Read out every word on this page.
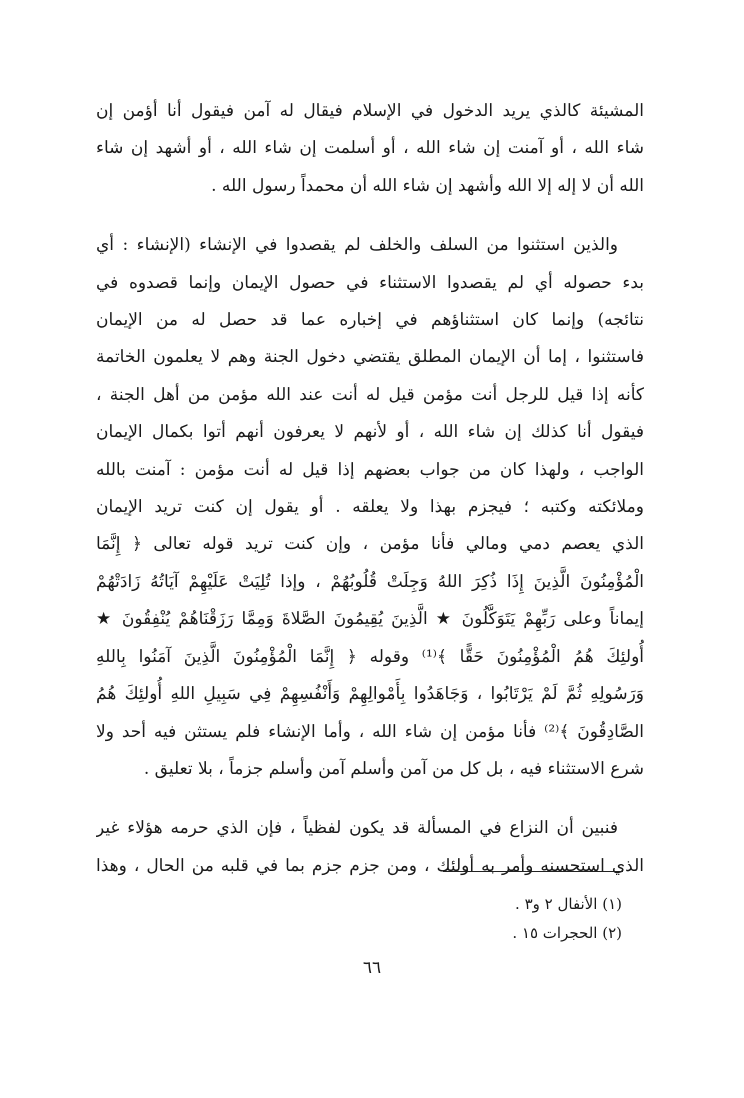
المشيئة كالذي يريد الدخول في الإسلام فيقال له آمن فيقول أنا أؤمن إن
شاء الله ، أو آمنت إن شاء الله ، أو أسلمت إن شاء الله ، أو أشهد إن شاء
الله أن لا إله إلا الله وأشهد إن شاء الله أن محمداً رسول الله .
والذين استثنوا من السلف والخلف لم يقصدوا في الإنشاء (الإنشاء : أي
بدء حصوله أي لم يقصدوا الاستثناء في حصول الإيمان وإنما قصدوه في
نتائجه) وإنما كان استثناؤهم في إخباره عما قد حصل له من الإيمان
فاستثنوا ، إما أن الإيمان المطلق يقتضي دخول الجنة وهم لا يعلمون الخاتمة
كأنه إذا قيل للرجل أنت مؤمن قيل له أنت عند الله مؤمن من أهل الجنة ،
فيقول أنا كذلك إن شاء الله ، أو لأنهم لا يعرفون أنهم أتوا بكمال الإيمان
الواجب ، ولهذا كان من جواب بعضهم إذا قيل له أنت مؤمن : آمنت بالله
وملائكته وكتبه ؛ فيجزم بهذا ولا يعلقه . أو يقول إن كنت تريد الإيمان
الذي يعصم دمي ومالي فأنا مؤمن ، وإن كنت تريد قوله تعالى ﴿ إِنَّمَا
الْمُؤْمِنُونَ الَّذِينَ إِذَا ذُكِرَ اللهُ وَجِلَتْ قُلُوبُهُمْ ، وإذا تُلِيَتْ عَلَيْهِمْ آيَاتُهُ زَادَتْهُمْ
إيماناً وعلى رَبِّهِمْ يَتَوَكَّلُونَ ★ الَّذِينَ يُقِيمُونَ الصَّلاةَ وَمِمَّا رَزَقْنَاهُمْ يُنْفِقُونَ ★
أُولئِكَ هُمُ الْمُؤْمِنُونَ حَقًّا ﴾⁽¹⁾ وقوله ﴿ إِنَّمَا الْمُؤْمِنُونَ الَّذِينَ آمَنُوا بِاللهِ
وَرَسُولِهِ ثُمَّ لَمْ يَرْتَابُوا ، وَجَاهَدُوا بِأَمْوالِهِمْ وَأَنْفُسِهِمْ فِي سَبِيلِ اللهِ أُولئِكَ هُمُ
الصَّادِقُونَ ﴾⁽²⁾ فأنا مؤمن إن شاء الله ، وأما الإنشاء فلم يستثن فيه أحد ولا
شرع الاستثناء فيه ، بل كل من آمن وأسلم آمن وأسلم جزماً ، بلا تعليق .
فنبين أن النزاع في المسألة قد يكون لفظياً ، فإن الذي حرمه هؤلاء غير
الذي استحسنه وأمر به أولئك ، ومن جزم جزم بما في قلبه من الحال ، وهذا
(١) الأنفال ٢ و٣ .
(٢) الحجرات ١٥ .
٦٦
